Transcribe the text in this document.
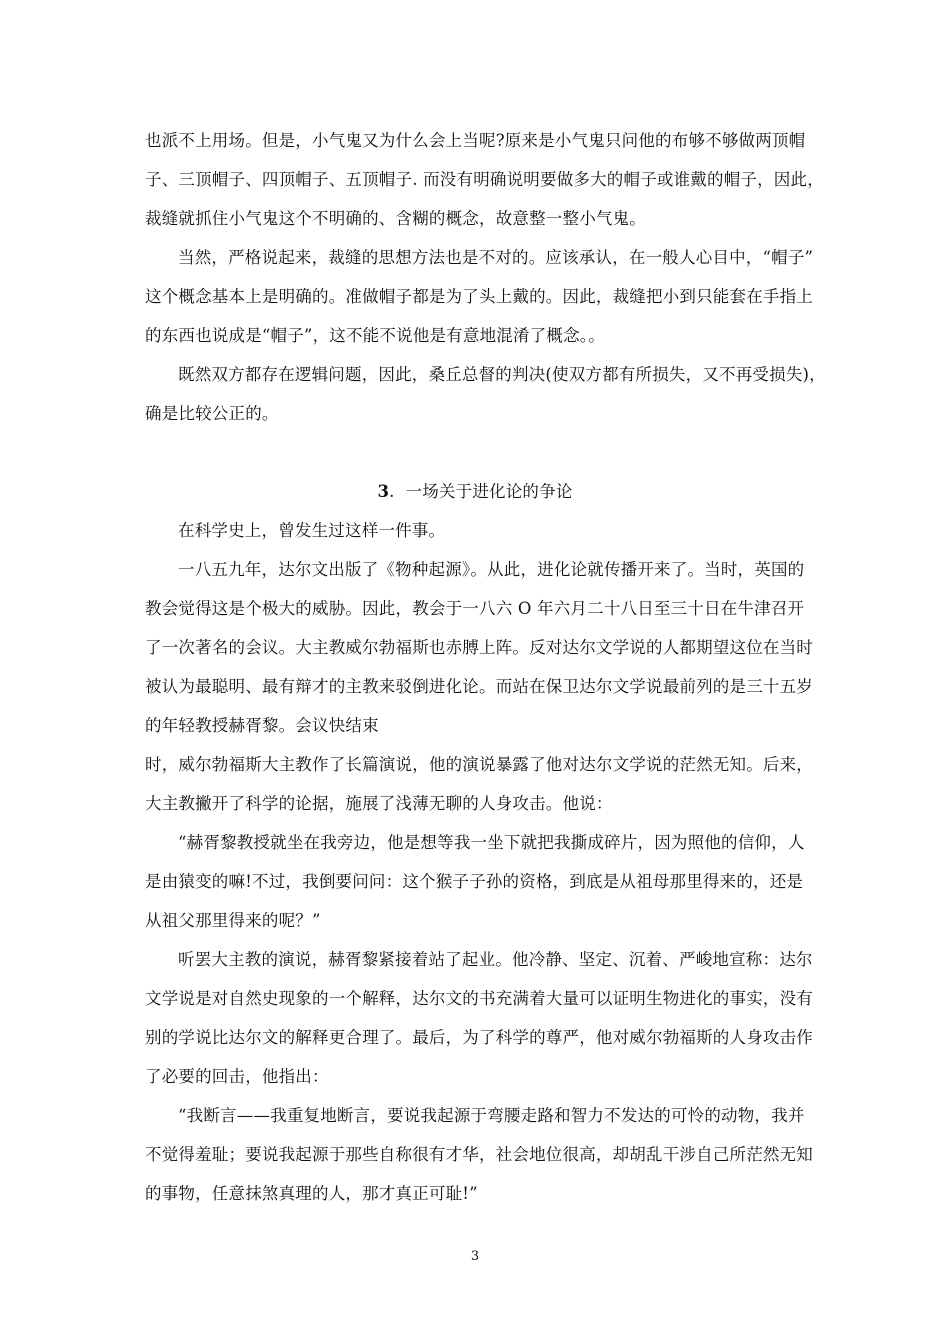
也派不上用场。但是，小气鬼又为什么会上当呢?原来是小气鬼只问他的布够不够做两顶帽
子、三顶帽子、四顶帽子、五顶帽子. 而没有明确说明要做多大的帽子或谁戴的帽子，因此，
裁缝就抓住小气鬼这个不明确的、含糊的概念，故意整一整小气鬼。
当然，严格说起来，裁缝的思想方法也是不对的。应该承认，在一般人心目中，“帽子”
这个概念基本上是明确的。准做帽子都是为了头上戴的。因此，裁缝把小到只能套在手指上
的东西也说成是“帽子”，这不能不说他是有意地混淆了概念。。
既然双方都存在逻辑问题，因此，桑丘总督的判决(使双方都有所损失，又不再受损失)，
确是比较公正的。
3.  一场关于进化论的争论
在科学史上，曾发生过这样一件事。
一八五九年，达尔文出版了《物种起源》。从此，进化论就传播开来了。当时，英国的
教会觉得这是个极大的威胁。因此，教会于一八六 O 年六月二十八日至三十日在牛津召开
了一次著名的会议。大主教威尔勃福斯也赤膊上阵。反对达尔文学说的人都期望这位在当时
被认为最聪明、最有辩才的主教来驳倒进化论。而站在保卫达尔文学说最前列的是三十五岁
的年轻教授赫胥黎。会议快结束
时，威尔勃福斯大主教作了长篇演说，他的演说暴露了他对达尔文学说的茫然无知。后来，
大主教撇开了科学的论据，施展了浅薄无聊的人身攻击。他说：
“赫胥黎教授就坐在我旁边，他是想等我一坐下就把我撕成碎片，因为照他的信仰，人
是由猿变的嘛!不过，我倒要问问：这个猴子子孙的资格，到底是从祖母那里得来的，还是
从祖父那里得来的呢？”
听罢大主教的演说，赫胥黎紧接着站了起业。他冷静、坚定、沉着、严峻地宣称：达尔
文学说是对自然史现象的一个解释，达尔文的书充满着大量可以证明生物进化的事实，没有
别的学说比达尔文的解释更合理了。最后，为了科学的尊严，他对威尔勃福斯的人身攻击作
了必要的回击，他指出：
“我断言——我重复地断言，要说我起源于弯腰走路和智力不发达的可怜的动物，我并
不觉得羞耻；要说我起源于那些自称很有才华，社会地位很高，却胡乱干涉自己所茫然无知
的事物，任意抹煞真理的人，那才真正可耻!”
3
